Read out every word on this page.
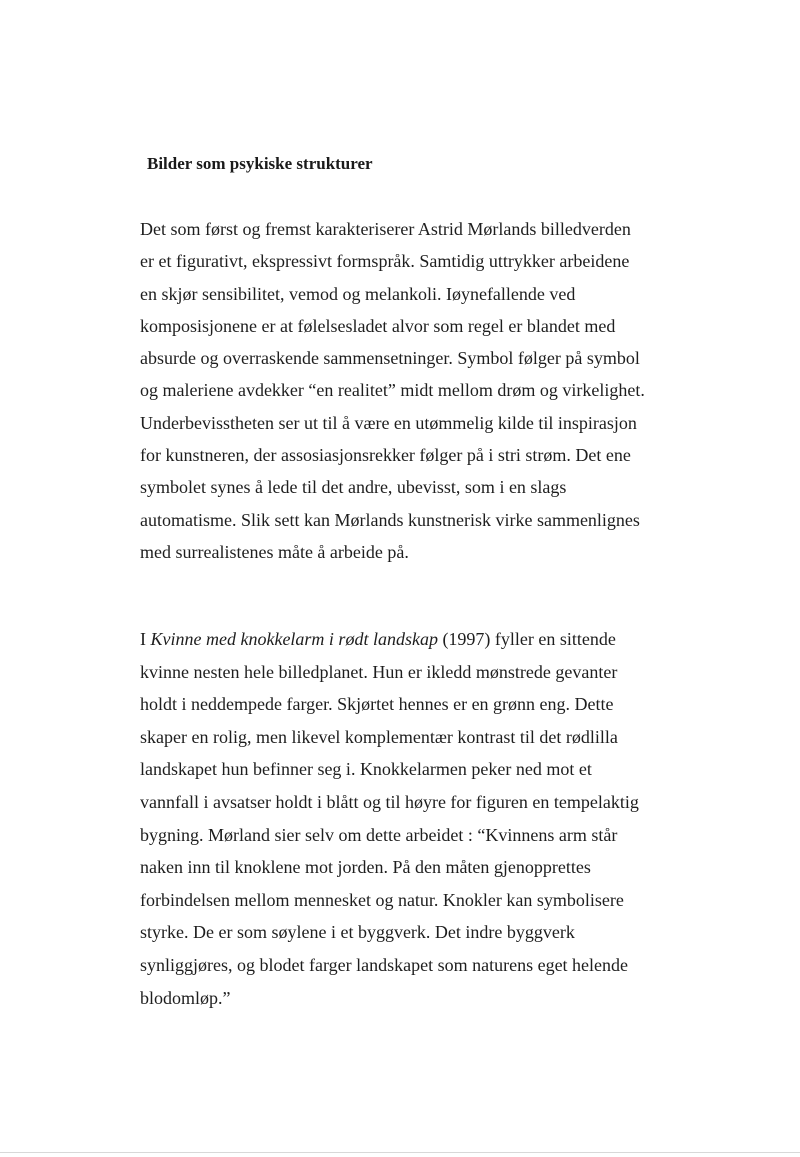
Bilder som psykiske strukturer
Det som først og fremst karakteriserer Astrid Mørlands billedverden
er et figurativt, ekspressivt formspråk. Samtidig uttrykker arbeidene
en skjør sensibilitet, vemod og melankoli. Iøynefallende ved
komposisjonene er at følelsesladet alvor som regel er blandet med
absurde og overraskende sammensetninger. Symbol følger på symbol
og maleriene avdekker “en realitet” midt mellom drøm og virkelighet.
Underbevisstheten ser ut til å være en utømmelig kilde til inspirasjon
for kunstneren, der assosiasjonsrekker følger på i stri strøm. Det ene
symbolet synes å lede til det andre, ubevisst, som i en slags
automatisme. Slik sett kan Mørlands kunstnerisk virke sammenlignes
med surrealistenes måte å arbeide på.
I Kvinne med knokkelarm i rødt landskap (1997) fyller en sittende
kvinne nesten hele billedplanet. Hun er ikledd mønstrede gevanter
holdt i neddempede farger. Skjørtet hennes er en grønn eng. Dette
skaper en rolig, men likevel komplementær kontrast til det rødlilla
landskapet hun befinner seg i. Knokkelarmen peker ned mot et
vannfall i avsatser holdt i blått og til høyre for figuren en tempelaktig
bygning. Mørland sier selv om dette arbeidet : “Kvinnens arm står
naken inn til knoklene mot jorden. På den måten gjenopprettes
forbindelsen mellom mennesket og natur. Knokler kan symbolisere
styrke. De er som søylene i et byggverk. Det indre byggverk
synliggjøres, og blodet farger landskapet som naturens eget helende
blodomløp.”
